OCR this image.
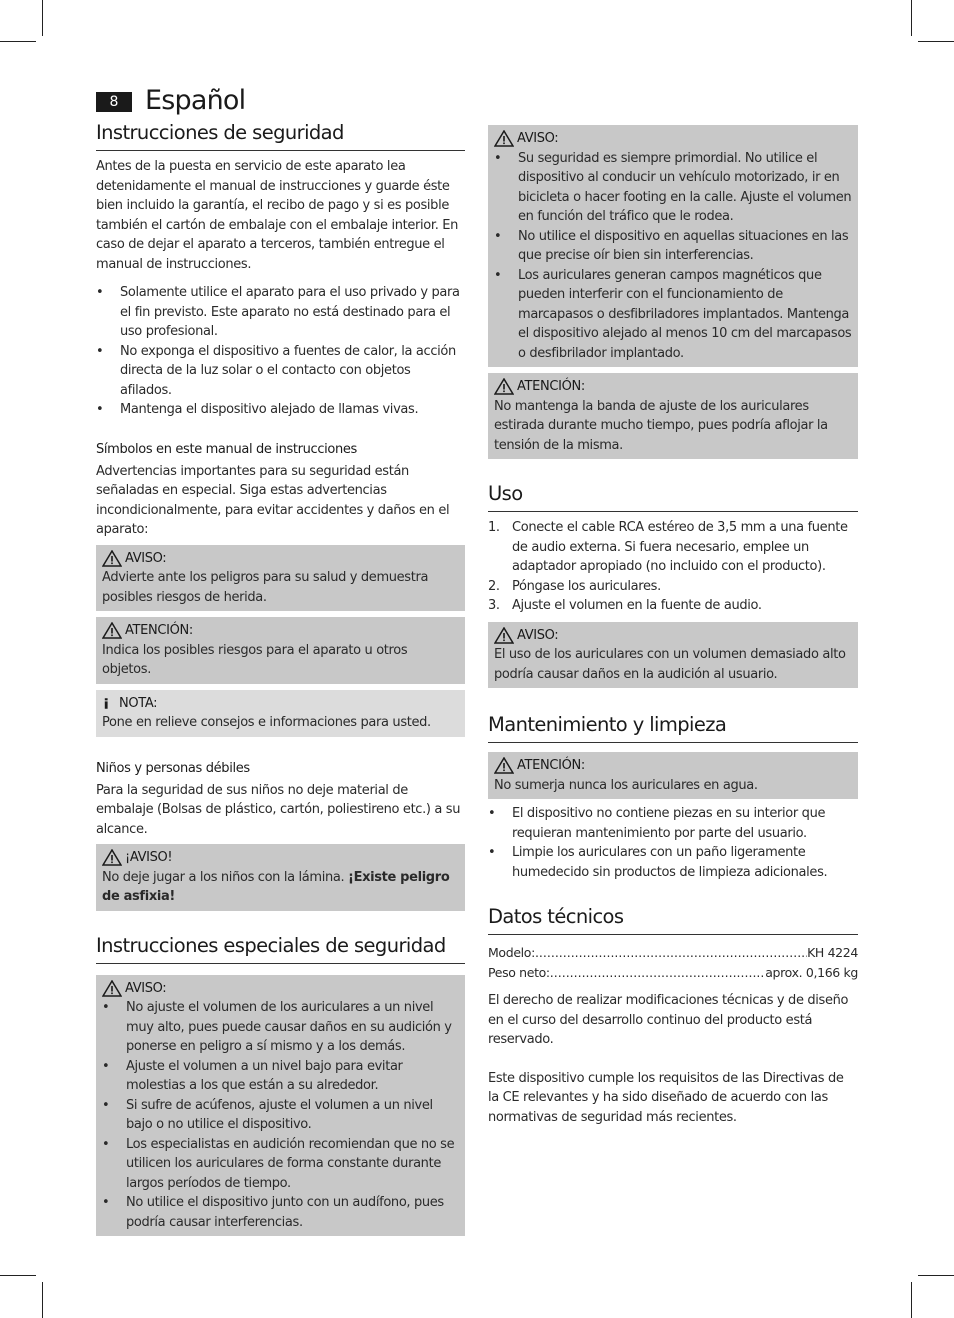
8 Español
Instrucciones de seguridad

Antes de la puesta en servicio de este aparato lea detenidamente el manual de instrucciones y guarde éste bien incluido la garantía, el recibo de pago y si es posible también el cartón de embalaje con el embalaje interior. En caso de dejar el aparato a terceros, también entregue el manual de instrucciones.

• Solamente utilice el aparato para el uso privado y para el fin previsto. Este aparato no está destinado para el uso profesional.
• No exponga el dispositivo a fuentes de calor, la acción directa de la luz solar o el contacto con objetos afilados.
• Mantenga el dispositivo alejado de llamas vivas.
Símbolos en este manual de instrucciones

Advertencias importantes para su seguridad están señaladas en especial. Siga estas advertencias incondicionalmente, para evitar accidentes y daños en el aparato:

AVISO:

Advierte ante los peligros para su salud y demuestra posibles riesgos de herida.

ATENCIÓN:

Indica los posibles riesgos para el aparato u otros objetos.

NOTA:

Pone en relieve consejos e informaciones para usted.

Niños y personas débiles

Para la seguridad de sus niños no deje material de embalaje (Bolsas de plástico, cartón, poliestireno etc.) a su alcance.

¡AVISO!

No deje jugar a los niños con la lámina. ¡Existe peligro de asfixia!

Instrucciones especiales de seguridad
AVISO:
• No ajuste el volumen de los auriculares a un nivel muy alto, pues puede causar daños en su audición y ponerse en peligro a sí mismo y a los demás.
• Ajuste el volumen a un nivel bajo para evitar molestias a los que están a su alrededor.
• Si sufre de acúfenos, ajuste el volumen a un nivel bajo o no utilice el dispositivo.
• Los especialistas en audición recomiendan que no se utilicen los auriculares de forma constante durante largos períodos de tiempo.
• No utilice el dispositivo junto con un audífono, pues podría causar interferencias.
AVISO:
• Su seguridad es siempre primordial. No utilice el dispositivo al conducir un vehículo motorizado, ir en bicicleta o hacer footing en la calle. Ajuste el volumen en función del tráfico que le rodea.
• No utilice el dispositivo en aquellas situaciones en las que precise oír bien sin interferencias.
• Los auriculares generan campos magnéticos que pueden interferir con el funcionamiento de marcapasos o desfibriladores implantados. Mantenga el dispositivo alejado al menos 10 cm del marcapasos o desfibrilador implantado.
ATENCIÓN:

No mantenga la banda de ajuste de los auriculares estirada durante mucho tiempo, pues podría aflojar la tensión de la misma.

Uso
1. Conecte el cable RCA estéreo de 3,5 mm a una fuente de audio externa. Si fuera necesario, emplee un adaptador apropiado (no incluido con el producto).
2. Póngase los auriculares.
3. Ajuste el volumen en la fuente de audio.
AVISO:

El uso de los auriculares con un volumen demasiado alto podría causar daños en la audición al usuario.

Mantenimiento y limpieza
ATENCIÓN:

No sumerja nunca los auriculares en agua.

• El dispositivo no contiene piezas en su interior que requieran mantenimiento por parte del usuario.
• Limpie los auriculares con un paño ligeramente humedecido sin productos de limpieza adicionales.
Datos técnicos
Modelo: .....	KH 4224
Peso neto: .....	aprox. 0,166 kg

El derecho de realizar modificaciones técnicas y de diseño en el curso del desarrollo continuo del producto está reservado.

Este dispositivo cumple los requisitos de las Directivas de la CE relevantes y ha sido diseñado de acuerdo con las normativas de seguridad más recientes.
